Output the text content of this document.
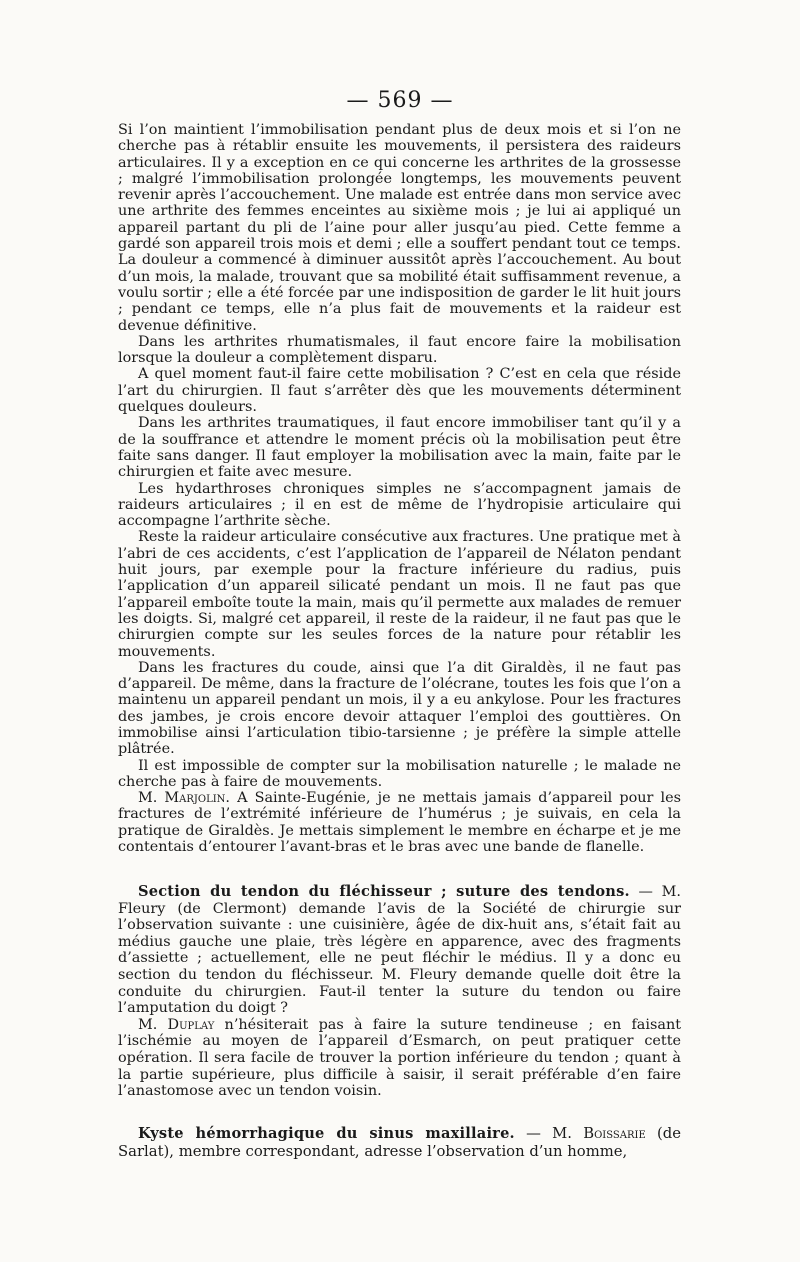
— 569 —

Si l’on maintient l’immobilisation pendant plus de deux mois et si l’on ne cherche pas à rétablir ensuite les mouvements, il persistera des raideurs articulaires. Il y a exception en ce qui concerne les arthrites de la grossesse ; malgré l’immobilisation prolongée longtemps, les mouvements peuvent revenir après l’accouchement. Une malade est entrée dans mon service avec une arthrite des femmes enceintes au sixième mois ; je lui ai appliqué un appareil partant du pli de l’aine pour aller jusqu’au pied. Cette femme a gardé son appareil trois mois et demi ; elle a souffert pendant tout ce temps. La douleur a commencé à diminuer aussitôt après l’accouchement. Au bout d’un mois, la malade, trouvant que sa mobilité était suffisamment revenue, a voulu sortir ; elle a été forcée par une indisposition de garder le lit huit jours ; pendant ce temps, elle n’a plus fait de mouvements et la raideur est devenue définitive.

Dans les arthrites rhumatismales, il faut encore faire la mobilisation lorsque la douleur a complètement disparu.

A quel moment faut-il faire cette mobilisation ? C’est en cela que réside l’art du chirurgien. Il faut s’arrêter dès que les mouvements déterminent quelques douleurs.

Dans les arthrites traumatiques, il faut encore immobiliser tant qu’il y a de la souffrance et attendre le moment précis où la mobilisation peut être faite sans danger. Il faut employer la mobilisation avec la main, faite par le chirurgien et faite avec mesure.

Les hydarthroses chroniques simples ne s’accompagnent jamais de raideurs articulaires ; il en est de même de l’hydropisie articulaire qui accompagne l’arthrite sèche.

Reste la raideur articulaire consécutive aux fractures. Une pratique met à l’abri de ces accidents, c’est l’application de l’appareil de Nélaton pendant huit jours, par exemple pour la fracture inférieure du radius, puis l’application d’un appareil silicaté pendant un mois. Il ne faut pas que l’appareil emboîte toute la main, mais qu’il permette aux malades de remuer les doigts. Si, malgré cet appareil, il reste de la raideur, il ne faut pas que le chirurgien compte sur les seules forces de la nature pour rétablir les mouvements.

Dans les fractures du coude, ainsi que l’a dit Giraldès, il ne faut pas d’appareil. De même, dans la fracture de l’olécrane, toutes les fois que l’on a maintenu un appareil pendant un mois, il y a eu ankylose. Pour les fractures des jambes, je crois encore devoir attaquer l’emploi des gouttières. On immobilise ainsi l’articulation tibio-tarsienne ; je préfère la simple attelle plâtrée.

Il est impossible de compter sur la mobilisation naturelle ; le malade ne cherche pas à faire de mouvements.

M. Marjolin. A Sainte-Eugénie, je ne mettais jamais d’appareil pour les fractures de l’extrémité inférieure de l’humérus ; je suivais, en cela la pratique de Giraldès. Je mettais simplement le membre en écharpe et je me contentais d’entourer l’avant-bras et le bras avec une bande de flanelle.

Section du tendon du fléchisseur ; suture des tendons. — M. Fleury (de Clermont) demande l’avis de la Société de chirurgie sur l’observation suivante : une cuisinière, âgée de dix-huit ans, s’était fait au médius gauche une plaie, très légère en apparence, avec des fragments d’assiette ; actuellement, elle ne peut fléchir le médius. Il y a donc eu section du tendon du fléchisseur. M. Fleury demande quelle doit être la conduite du chirurgien. Faut-il tenter la suture du tendon ou faire l’amputation du doigt ?

M. Duplay n’hésiterait pas à faire la suture tendineuse ; en faisant l’ischémie au moyen de l’appareil d’Esmarch, on peut pratiquer cette opération. Il sera facile de trouver la portion inférieure du tendon ; quant à la partie supérieure, plus difficile à saisir, il serait préférable d’en faire l’anastomose avec un tendon voisin.

Kyste hémorrhagique du sinus maxillaire. — M. Boissarie (de Sarlat), membre correspondant, adresse l’observation d’un homme,
